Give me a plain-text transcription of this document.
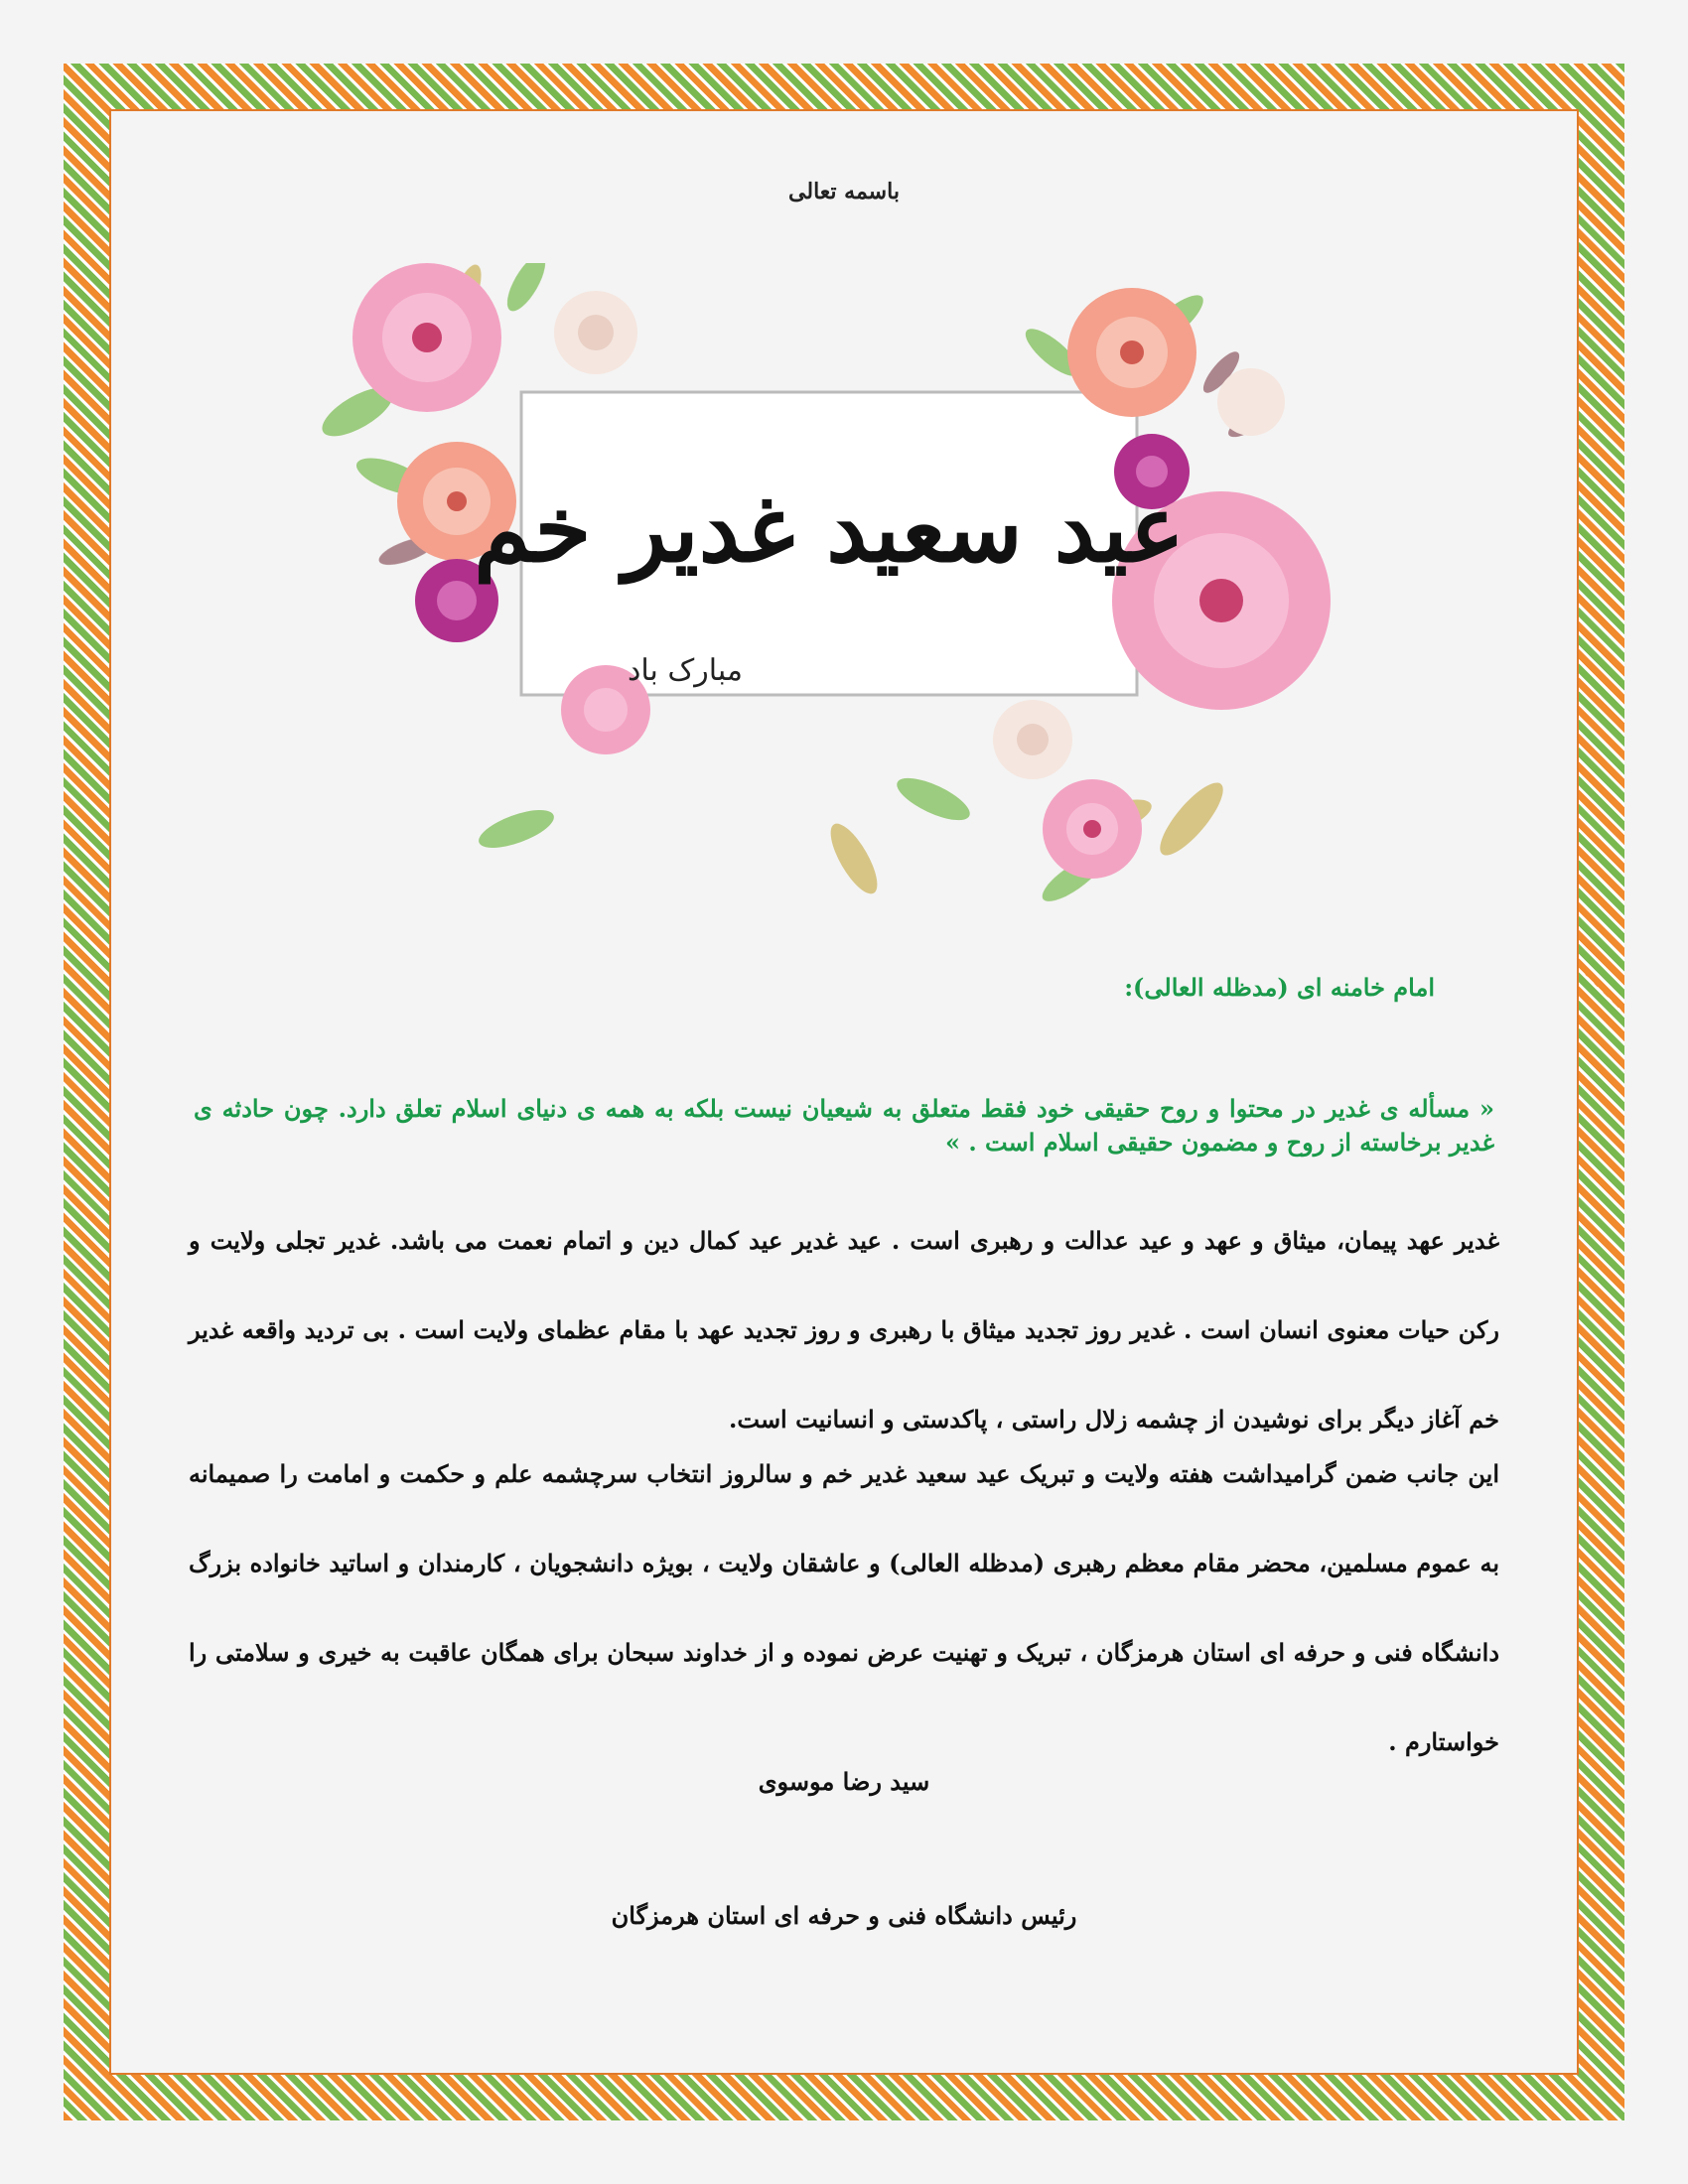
باسمه تعالی
عید سعید غدیر خم
مبارک باد
امام خامنه ای (مدظله العالی):
« مسأله ی غدیر در محتوا و روح حقیقی خود فقط متعلق به شیعیان نیست بلکه به همه ی دنیای اسلام تعلق دارد. چون حادثه ی غدیر برخاسته از روح و مضمون حقیقی اسلام است . »
غدیر عهد پیمان، میثاق و عهد و عید عدالت و رهبری است . عید غدیر عید کمال دین و اتمام نعمت می باشد. غدیر تجلی ولایت و رکن حیات معنوی انسان است . غدیر روز تجدید میثاق با رهبری و روز تجدید عهد با مقام عظمای ولایت است . بی تردید واقعه غدیر خم آغاز دیگر برای نوشیدن از چشمه زلال راستی ، پاکدستی و انسانیت است.
این جانب ضمن گرامیداشت هفته ولایت و تبریک عید سعید غدیر خم و سالروز انتخاب سرچشمه علم و حکمت و امامت را صمیمانه به عموم مسلمین، محضر مقام معظم رهبری (مدظله العالی) و عاشقان ولایت ، بویژه دانشجویان ، کارمندان و اساتید خانواده بزرگ دانشگاه فنی و حرفه ای استان هرمزگان ، تبریک و تهنیت عرض نموده و از خداوند سبحان برای همگان عاقبت به خیری و سلامتی را خواستارم .
سید رضا موسوی
رئیس دانشگاه فنی و حرفه ای استان هرمزگان
